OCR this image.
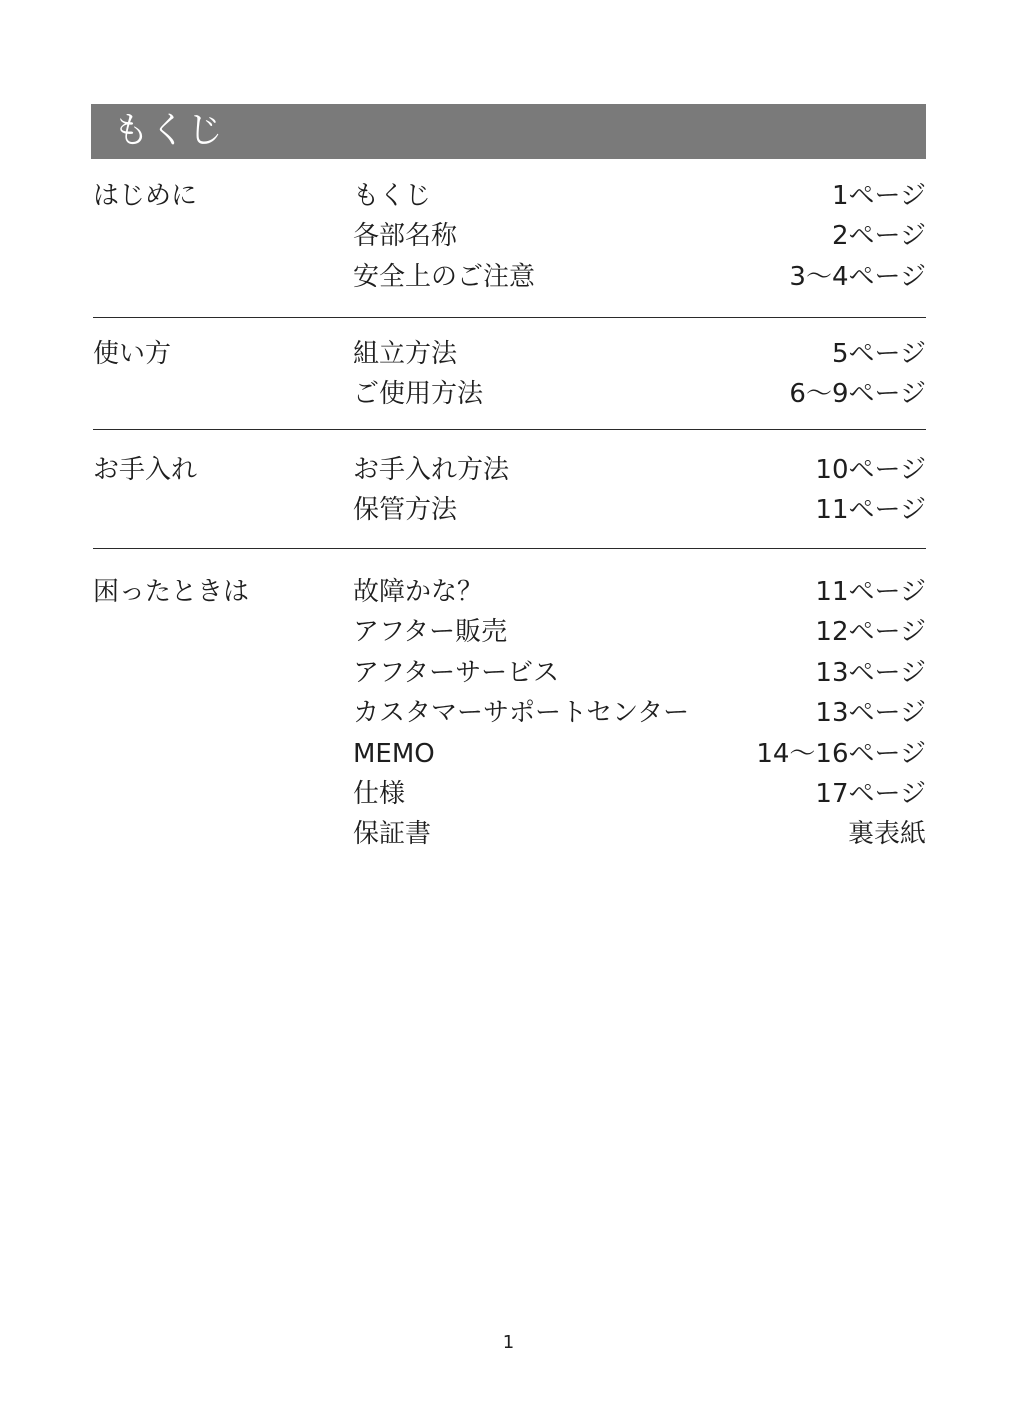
もくじ
はじめに	もくじ	1ページ
各部名称	2ページ
安全上のご注意	3～4ページ
使い方	組立方法	5ページ
ご使用方法	6～9ページ
お手入れ	お手入れ方法	10ページ
保管方法	11ページ
困ったときは	故障かな？	11ページ
アフター販売	12ページ
アフターサービス	13ページ
カスタマーサポートセンター	13ページ
MEMO	14～16ページ
仕様	17ページ
保証書	裏表紙
1
